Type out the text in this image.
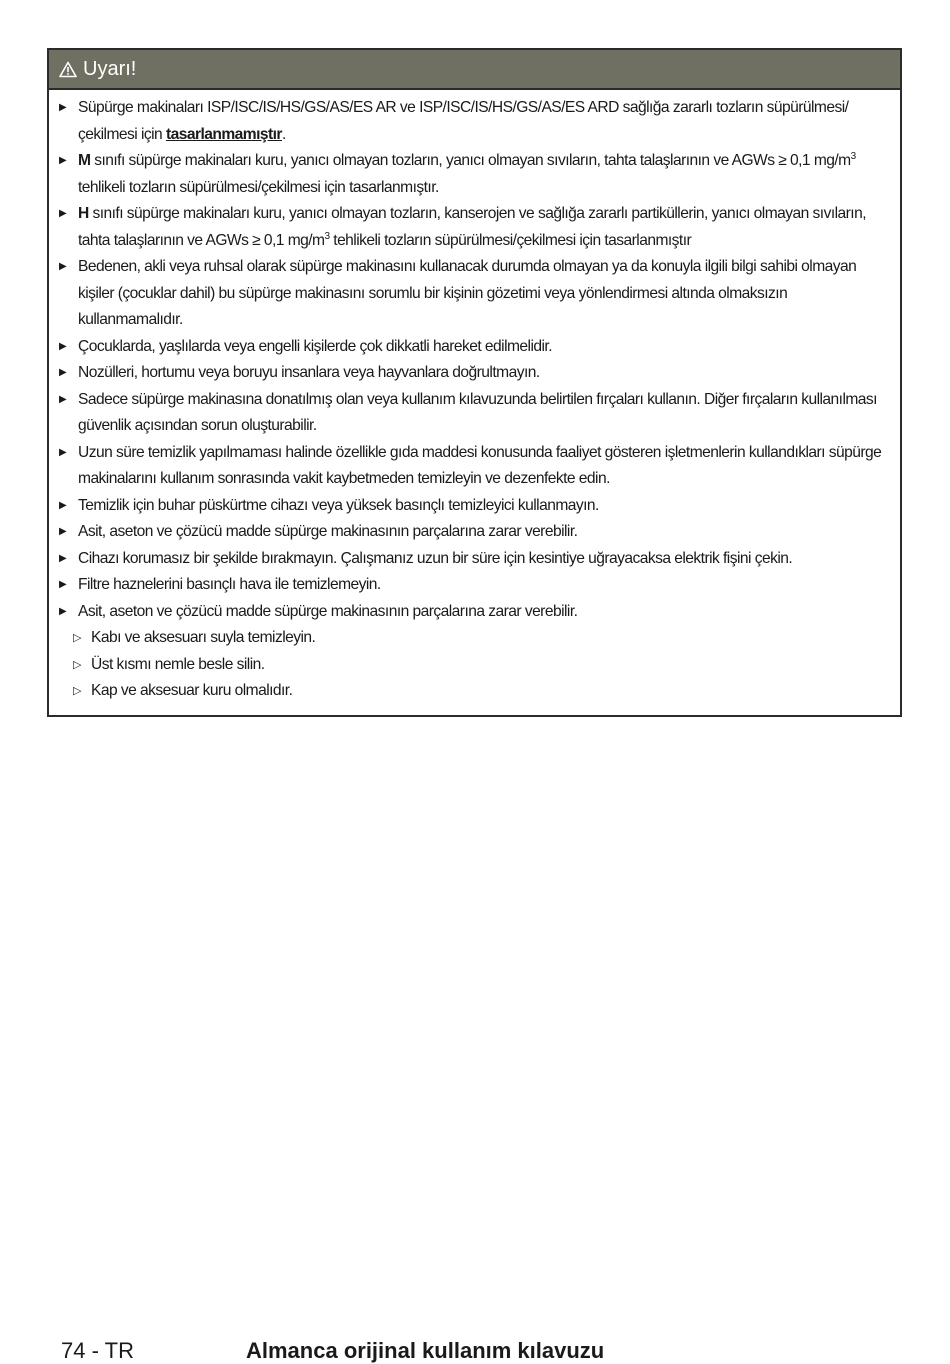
Uyarı!
▶ Süpürge makinaları ISP/ISC/IS/HS/GS/AS/ES AR ve ISP/ISC/IS/HS/GS/AS/ES ARD sağlığa zararlı tozların süpürülmesi/çekilmesi için tasarlanmamıştır.
▶ M sınıfı süpürge makinaları kuru, yanıcı olmayan tozların, yanıcı olmayan sıvıların, tahta talaşlarının ve AGWs ≥ 0,1 $mg/m^3$ tehlikeli tozların süpürülmesi/çekilmesi için tasarlanmıştır.
▶ H sınıfı süpürge makinaları kuru, yanıcı olmayan tozların, kanserojen ve sağlığa zararlı partiküllerin, yanıcı olmayan sıvıların, tahta talaşlarının ve AGWs ≥ 0,1 $mg/m^3$ tehlikeli tozların süpürülmesi/çekilmesi için tasarlanmıştır
▶ Bedenen, akli veya ruhsal olarak süpürge makinasını kullanacak durumda olmayan ya da konuyla ilgili bilgi sahibi olmayan kişiler (çocuklar dahil) bu süpürge makinasını sorumlu bir kişinin gözetimi veya yönlendirmesi altında olmaksızın kullanmamalıdır.
▶ Çocuklarda, yaşlılarda veya engelli kişilerde çok dikkatli hareket edilmelidir.
▶ Nozülleri, hortumu veya boruyu insanlara veya hayvanlara doğrultmayın.
▶ Sadece süpürge makinasına donatılmış olan veya kullanım kılavuzunda belirtilen fırçaları kullanın. Diğer fırçaların kullanılması güvenlik açısından sorun oluşturabilir.
▶ Uzun süre temizlik yapılmaması halinde özellikle gıda maddesi konusunda faaliyet gösteren işletmenlerin kullandıkları süpürge makinalarını kullanım sonrasında vakit kaybetmeden temizleyin ve dezenfekte edin.
▶ Temizlik için buhar püskürtme cihazı veya yüksek basınçlı temizleyici kullanmayın.
▶ Asit, aseton ve çözücü madde süpürge makinasının parçalarına zarar verebilir.
▶ Cihazı korumasız bir şekilde bırakmayın. Çalışmanız uzun bir süre için kesintiye uğrayacaksa elektrik fişini çekin.
▶ Filtre haznelerini basınçlı hava ile temizlemeyin.
▶ Asit, aseton ve çözücü madde süpürge makinasının parçalarına zarar verebilir.
▷ Kabı ve aksesuarı suyla temizleyin.
▷ Üst kısmı nemle besle silin.
▷ Kap ve aksesuar kuru olmalıdır.
74 - TR	Almanca orijinal kullanım kılavuzu
